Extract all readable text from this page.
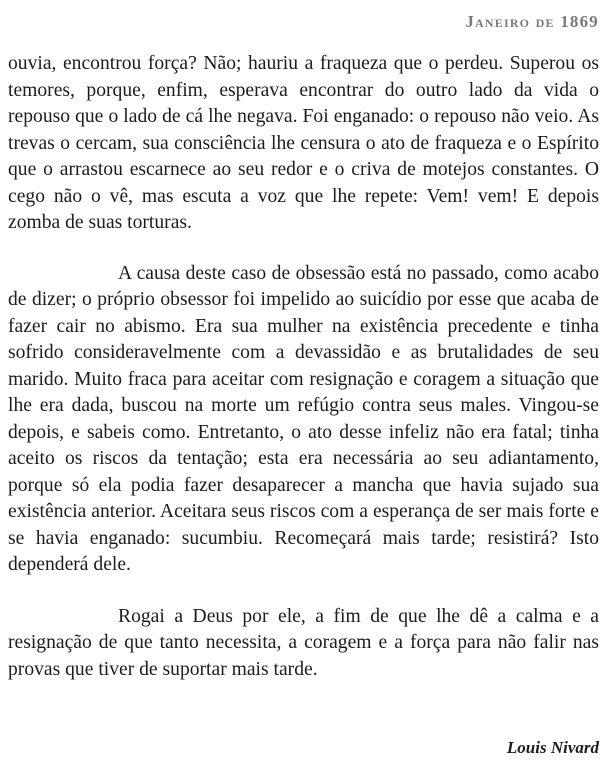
Janeiro de 1869

ouvia, encontrou força? Não; hauriu a fraqueza que o perdeu. Superou os temores, porque, enfim, esperava encontrar do outro lado da vida o repouso que o lado de cá lhe negava. Foi enganado: o repouso não veio. As trevas o cercam, sua consciência lhe censura o ato de fraqueza e o Espírito que o arrastou escarnece ao seu redor e o criva de motejos constantes. O cego não o vê, mas escuta a voz que lhe repete: Vem! vem! E depois zomba de suas torturas.

A causa deste caso de obsessão está no passado, como acabo de dizer; o próprio obsessor foi impelido ao suicídio por esse que acaba de fazer cair no abismo. Era sua mulher na existência precedente e tinha sofrido consideravelmente com a devassidão e as brutalidades de seu marido. Muito fraca para aceitar com resignação e coragem a situação que lhe era dada, buscou na morte um refúgio contra seus males. Vingou-se depois, e sabeis como. Entretanto, o ato desse infeliz não era fatal; tinha aceito os riscos da tentação; esta era necessária ao seu adiantamento, porque só ela podia fazer desaparecer a mancha que havia sujado sua existência anterior. Aceitara seus riscos com a esperança de ser mais forte e se havia enganado: sucumbiu. Recomeçará mais tarde; resistirá? Isto dependerá dele.

Rogai a Deus por ele, a fim de que lhe dê a calma e a resignação de que tanto necessita, a coragem e a força para não falir nas provas que tiver de suportar mais tarde.

Louis Nivard
